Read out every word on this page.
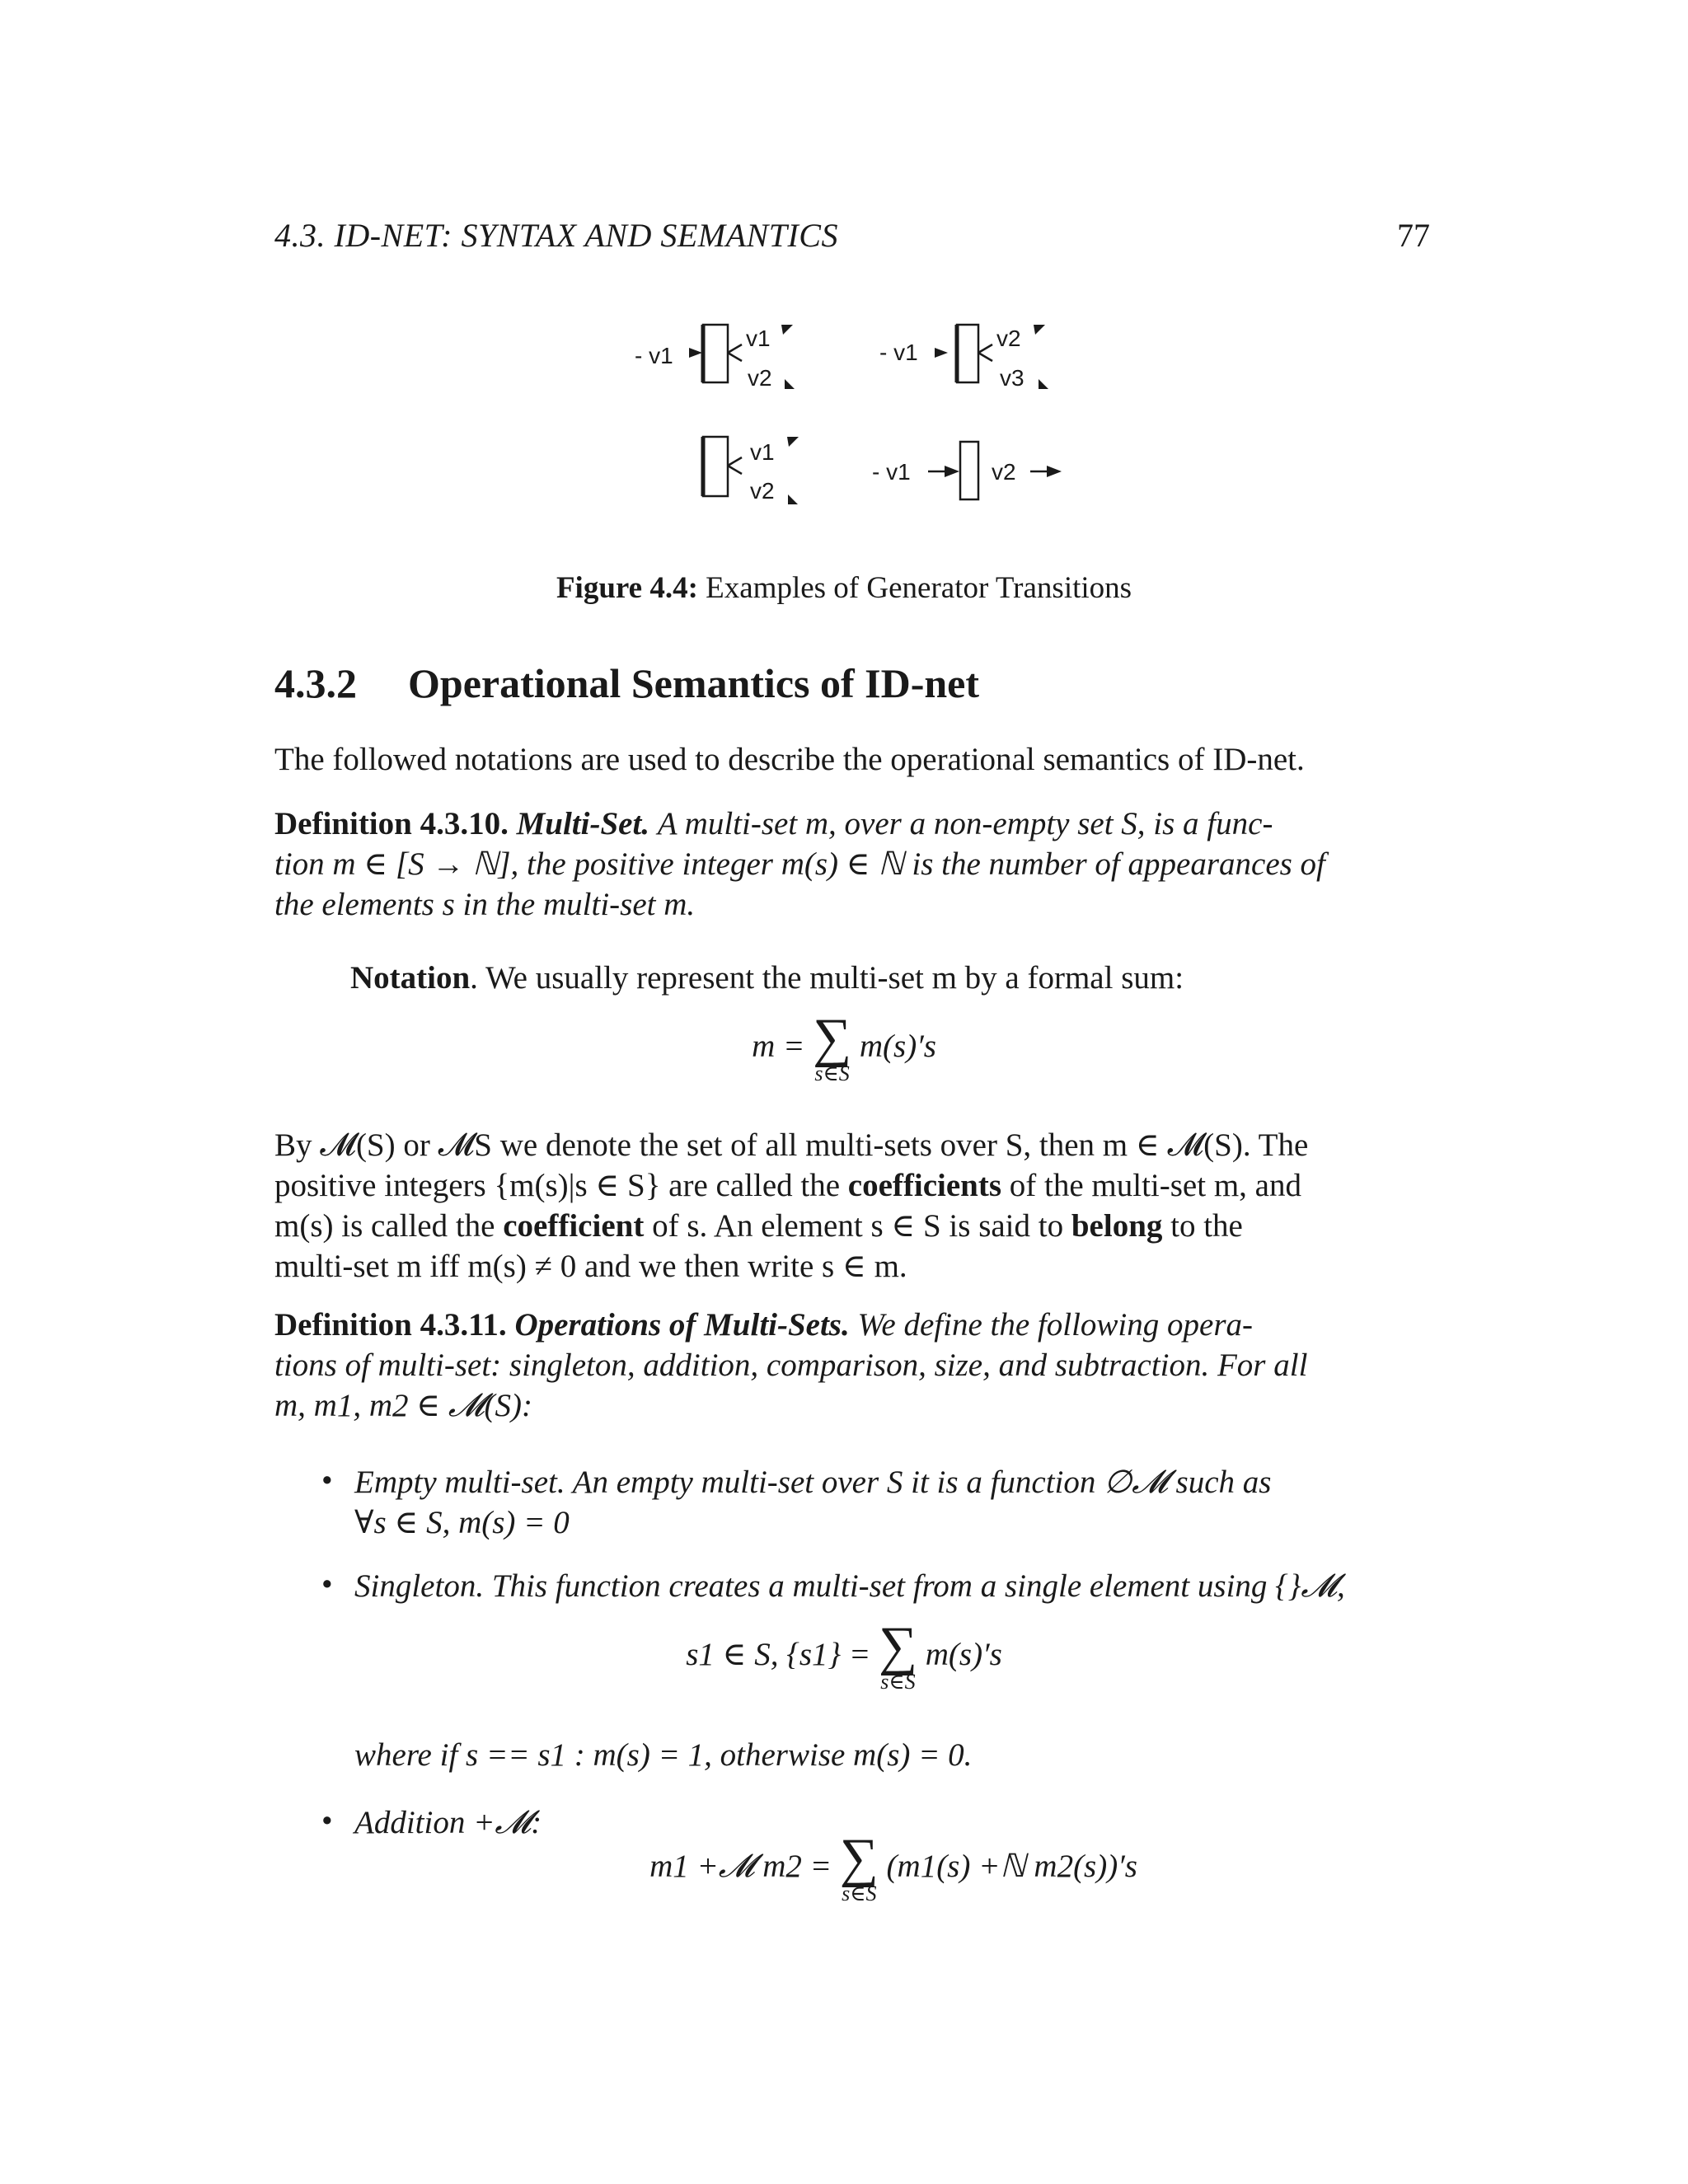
4.3. ID-NET: SYNTAX AND SEMANTICS	77
- v1
v1
v2
- v1
v2
v3
v1
v2
- v1	v2
Figure 4.4: Examples of Generator Transitions
4.3.2 Operational Semantics of ID-net
The followed notations are used to describe the operational semantics of ID-net.
Definition 4.3.10. Multi-Set. A multi-set m, over a non-empty set S, is a func-
tion m ∈ [S → ℕ], the positive integer m(s) ∈ ℕ is the number of appearances of
the elements s in the multi-set m.
Notation. We usually represent the multi-set m by a formal sum:
m = ∑
s∈S
m(s)′s
By 𝓜(S) or 𝓜S we denote the set of all multi-sets over S, then m ∈ 𝓜(S). The
positive integers {m(s)|s ∈ S} are called the coefficients of the multi-set m, and
m(s) is called the coefficient of s. An element s ∈ S is said to belong to the
multi-set m iff m(s) ≠ 0 and we then write s ∈ m.
Definition 4.3.11. Operations of Multi-Sets. We define the following opera-
tions of multi-set: singleton, addition, comparison, size, and subtraction. For all
m, m1, m2 ∈ 𝓜(S):
• Empty multi-set. An empty multi-set over S it is a function ∅𝓜 such as
∀s ∈ S, m(s) = 0
• Singleton. This function creates a multi-set from a single element using {}𝓜,
s1 ∈ S, {s1} = ∑
s∈S
m(s)′s
where if s == s1 : m(s) = 1, otherwise m(s) = 0.
• Addition +𝓜:
m1 +𝓜 m2 = ∑
s∈S
(m1(s) +ℕ m2(s))′s
